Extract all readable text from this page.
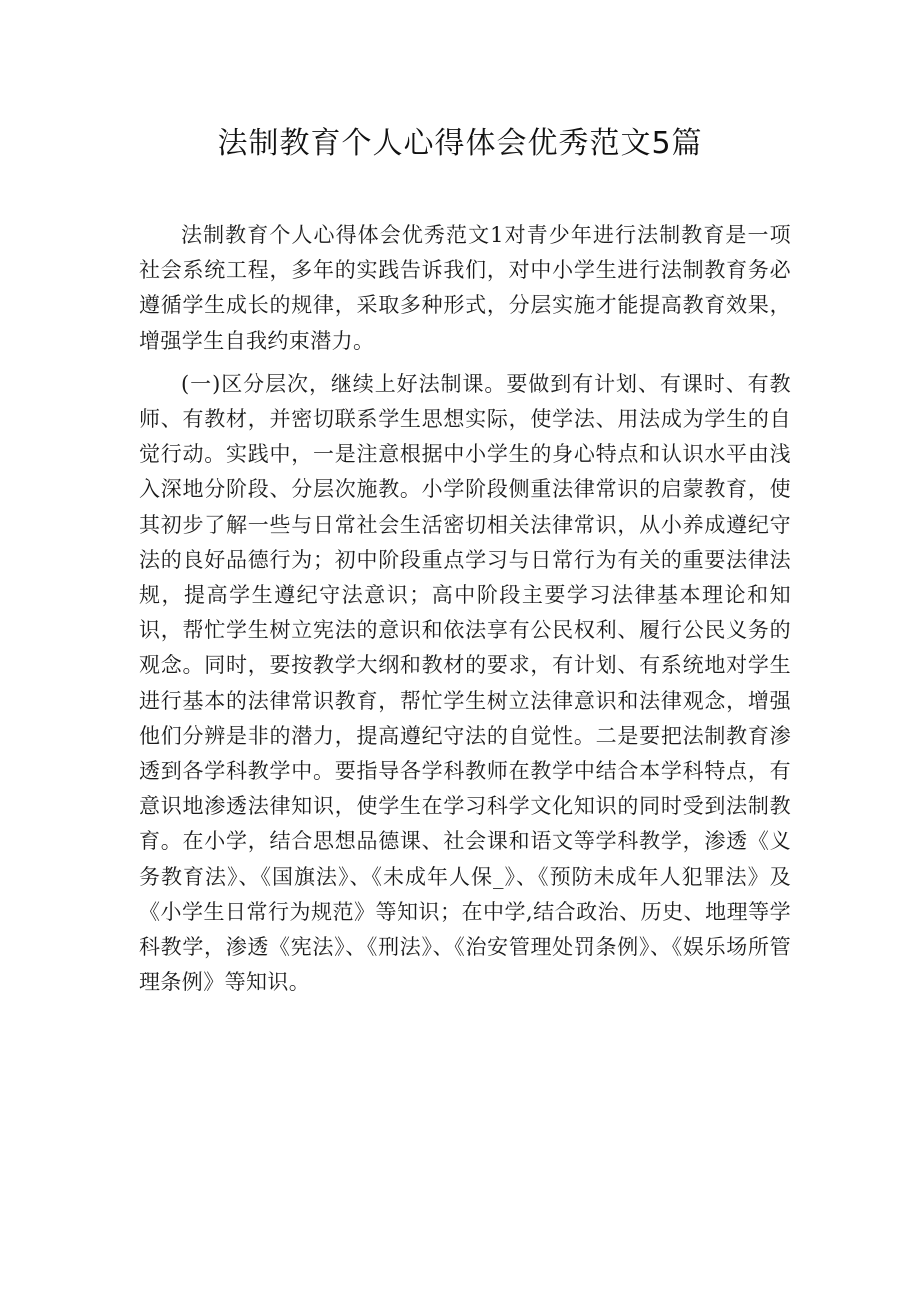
法制教育个人心得体会优秀范文5篇

法制教育个人心得体会优秀范文1对青少年进行法制教育是一项社会系统工程，多年的实践告诉我们，对中小学生进行法制教育务必遵循学生成长的规律，采取多种形式，分层实施才能提高教育效果，增强学生自我约束潜力。

(一)区分层次，继续上好法制课。要做到有计划、有课时、有教师、有教材，并密切联系学生思想实际，使学法、用法成为学生的自觉行动。实践中，一是注意根据中小学生的身心特点和认识水平由浅入深地分阶段、分层次施教。小学阶段侧重法律常识的启蒙教育，使其初步了解一些与日常社会生活密切相关法律常识，从小养成遵纪守法的良好品德行为；初中阶段重点学习与日常行为有关的重要法律法规，提高学生遵纪守法意识；高中阶段主要学习法律基本理论和知识，帮忙学生树立宪法的意识和依法享有公民权利、履行公民义务的观念。同时，要按教学大纲和教材的要求，有计划、有系统地对学生进行基本的法律常识教育，帮忙学生树立法律意识和法律观念，增强他们分辨是非的潜力，提高遵纪守法的自觉性。二是要把法制教育渗透到各学科教学中。要指导各学科教师在教学中结合本学科特点，有意识地渗透法律知识，使学生在学习科学文化知识的同时受到法制教育。在小学，结合思想品德课、社会课和语文等学科教学，渗透《义务教育法》、《国旗法》、《未成年人保_》、《预防未成年人犯罪法》及《小学生日常行为规范》等知识；在中学,结合政治、历史、地理等学科教学，渗透《宪法》、《刑法》、《治安管理处罚条例》、《娱乐场所管理条例》等知识。
